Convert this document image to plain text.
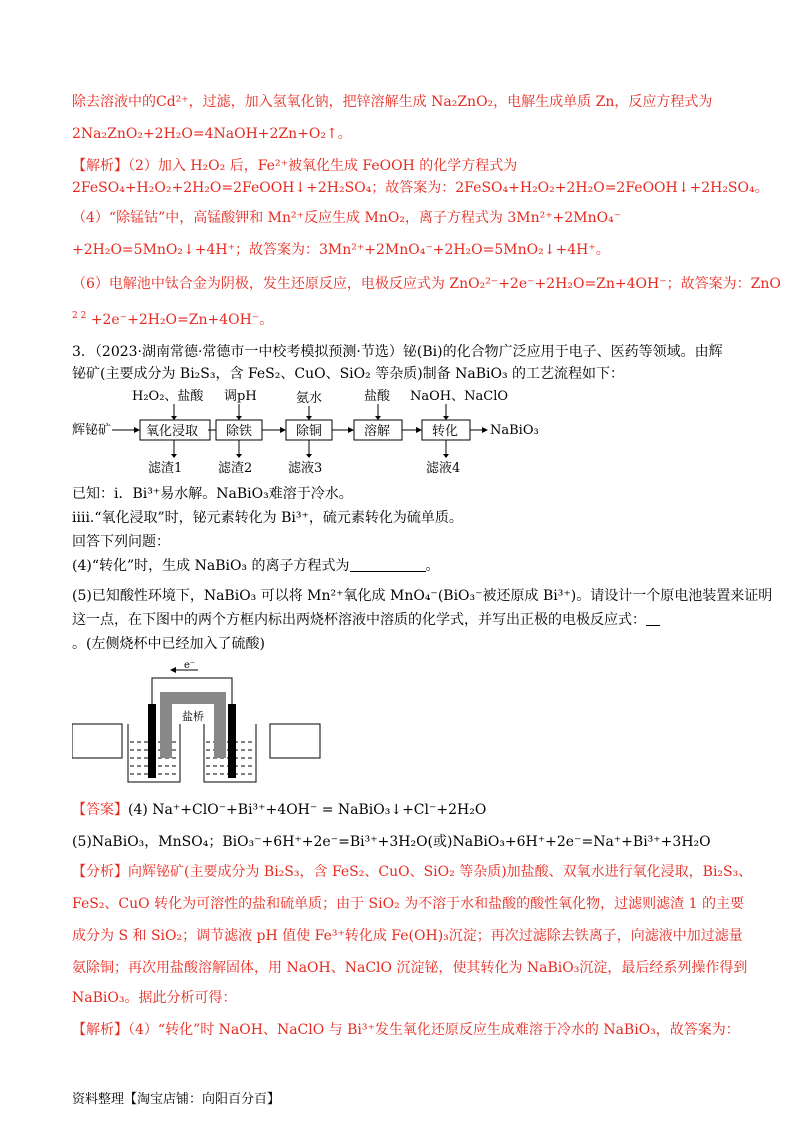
除去溶液中的Cd²⁺，过滤，加入氢氧化钠，把锌溶解生成 Na₂ZnO₂，电解生成单质 Zn，反应方程式为
2Na₂ZnO₂+2H₂O=4NaOH+2Zn+O₂↑。
【解析】（2）加入 H₂O₂ 后，Fe²⁺被氧化生成 FeOOH 的化学方程式为
2FeSO₄+H₂O₂+2H₂O=2FeOOH↓+2H₂SO₄；故答案为：2FeSO₄+H₂O₂+2H₂O=2FeOOH↓+2H₂SO₄。
（4）“除锰钴”中，高锰酸钾和 Mn²⁺反应生成 MnO₂，离子方程式为 3Mn²⁺+2MnO₄⁻
+2H₂O=5MnO₂↓+4H⁺；故答案为：3Mn²⁺+2MnO₄⁻+2H₂O=5MnO₂↓+4H⁺。
（6）电解池中钛合金为阴极，发生还原反应，电极反应式为 ZnO₂²⁻+2e⁻+2H₂O=Zn+4OH⁻；故答案为：ZnO
$^{2 2}$ +2e⁻+2H₂O=Zn+4OH⁻。
3．（2023·湖南常德·常德市一中校考模拟预测·节选）铋(Bi)的化合物广泛应用于电子、医药等领域。由辉
铋矿(主要成分为 Bi₂S₃，含 FeS₂、CuO、SiO₂ 等杂质)制备 NaBiO₃ 的工艺流程如下：
辉铋矿	氧化浸取
H₂O₂、盐酸
滤渣1
除铁
调pH
滤渣2
除铜
氨水
滤液3
溶解
盐酸
转化
NaOH、NaClO
滤液4
NaBiO₃
已知：ⅰ．Bi³⁺易水解。NaBiO₃难溶于冷水。
ⅱⅱ.“氧化浸取”时，铋元素转化为 Bi³⁺，硫元素转化为硫单质。
回答下列问题：
(4)“转化”时，生成 NaBiO₃ 的离子方程式为	。
(5)已知酸性环境下，NaBiO₃ 可以将 Mn²⁺氧化成 MnO₄⁻(BiO₃⁻被还原成 Bi³⁺)。请设计一个原电池装置来证明
这一点，在下图中的两个方框内标出两烧杯溶液中溶质的化学式，并写出正极的电极反应式：
。(左侧烧杯中已经加入了硫酸)
e⁻
盐桥
【答案】(4) Na⁺+ClO⁻+Bi³⁺+4OH⁻ = NaBiO₃↓+Cl⁻+2H₂O
(5)NaBiO₃，MnSO₄；BiO₃⁻+6H⁺+2e⁻=Bi³⁺+3H₂O(或)NaBiO₃+6H⁺+2e⁻=Na⁺+Bi³⁺+3H₂O
【分析】向辉铋矿(主要成分为 Bi₂S₃，含 FeS₂、CuO、SiO₂ 等杂质)加盐酸、双氧水进行氧化浸取，Bi₂S₃、
FeS₂、CuO 转化为可溶性的盐和硫单质；由于 SiO₂ 为不溶于水和盐酸的酸性氧化物，过滤则滤渣 1 的主要
成分为 S 和 SiO₂；调节滤液 pH 值使 Fe³⁺转化成 Fe(OH)₃沉淀；再次过滤除去铁离子，向滤液中加过滤量
氨除铜；再次用盐酸溶解固体，用 NaOH、NaClO 沉淀铋，使其转化为 NaBiO₃沉淀，最后经系列操作得到
NaBiO₃。据此分析可得：
【解析】（4）“转化”时 NaOH、NaClO 与 Bi³⁺发生氧化还原反应生成难溶于冷水的 NaBiO₃，故答案为：
资料整理【淘宝店铺：向阳百分百】
